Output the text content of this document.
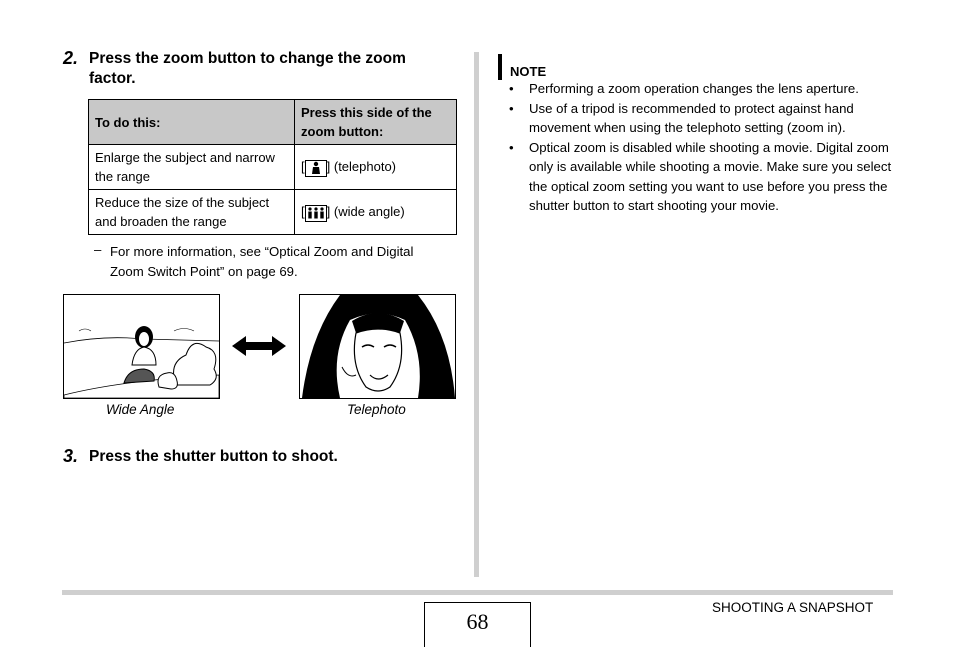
2. Press the zoom button to change the zoom factor.
To do this:	Press this side of the zoom button:
Enlarge the subject and narrow the range	[ ] (telephoto)
Reduce the size of the subject and broaden the range	[ ] (wide angle)
– For more information, see “Optical Zoom and Digital Zoom Switch Point” on page 69.
Wide Angle	Telephoto
3. Press the shutter button to shoot.
NOTE
• Performing a zoom operation changes the lens aperture.
• Use of a tripod is recommended to protect against hand movement when using the telephoto setting (zoom in).
• Optical zoom is disabled while shooting a movie. Digital zoom only is available while shooting a movie. Make sure you select the optical zoom setting you want to use before you press the shutter button to start shooting your movie.
68
SHOOTING A SNAPSHOT
